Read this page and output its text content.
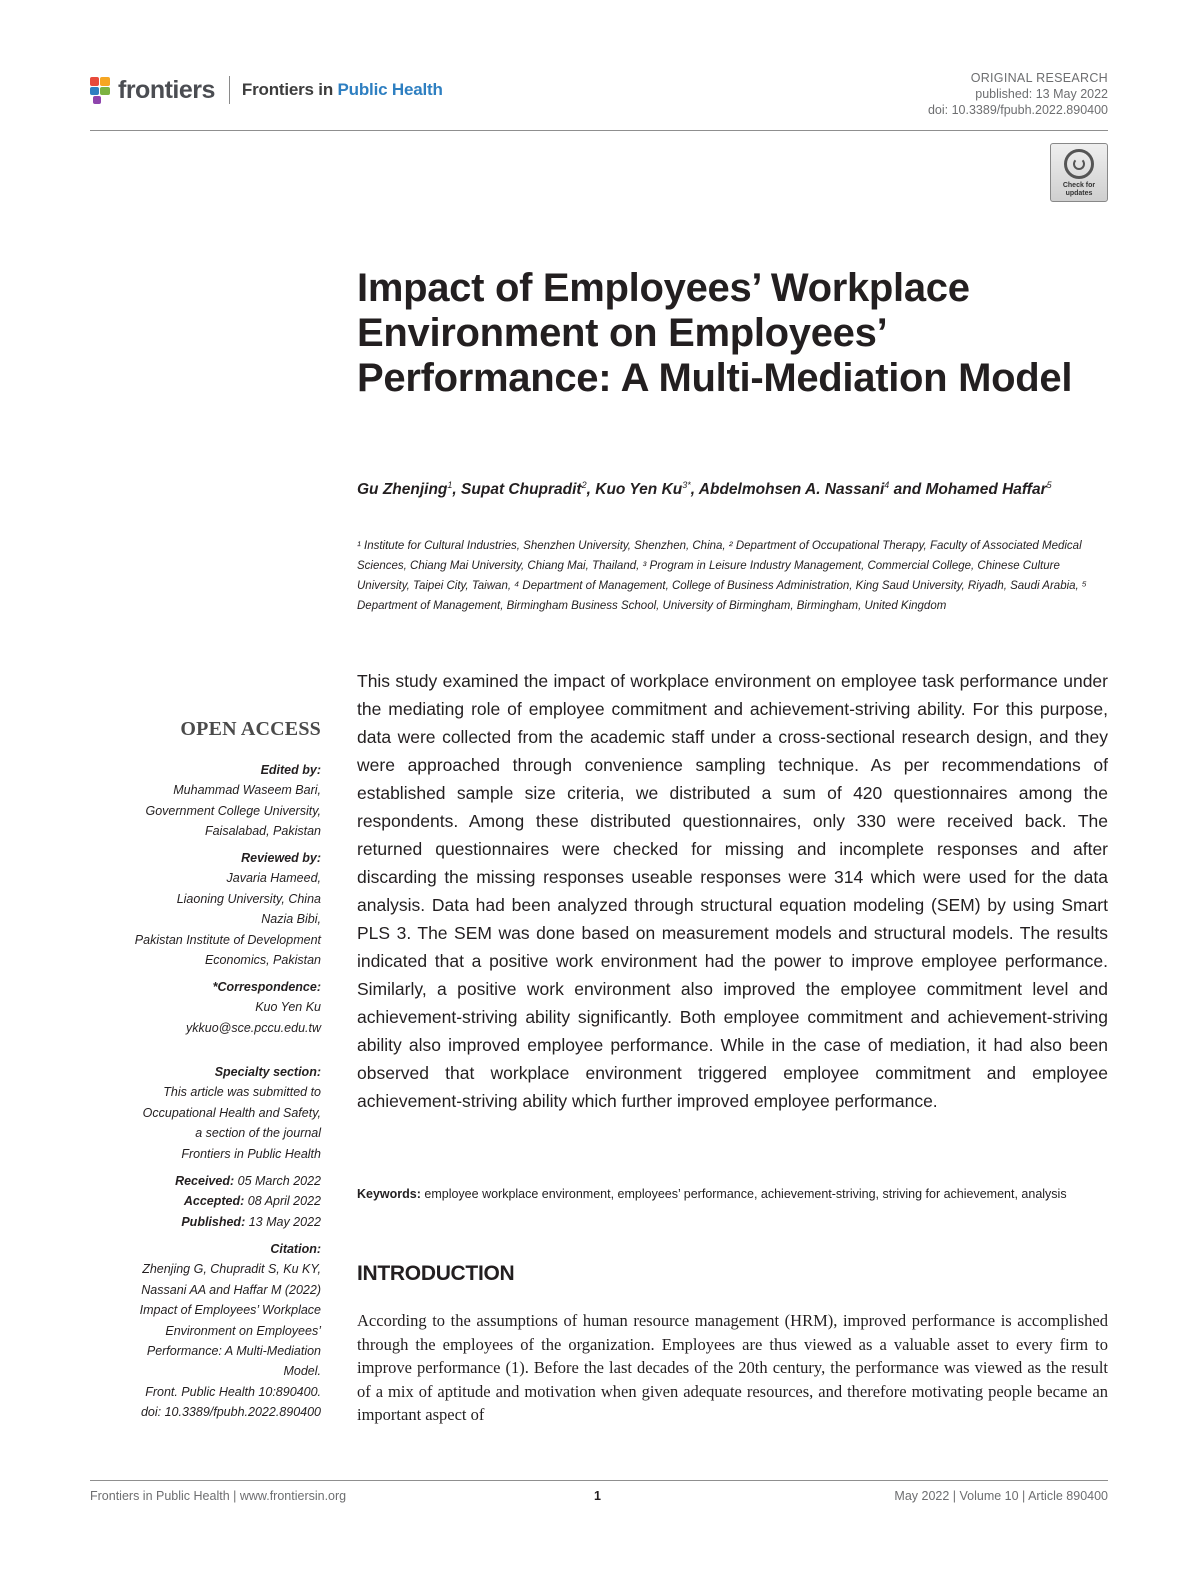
frontiers Frontiers in Public Health
ORIGINAL RESEARCH
published: 13 May 2022
doi: 10.3389/fpubh.2022.890400
Check for updates
Impact of Employees’ Workplace Environment on Employees’ Performance: A Multi-Mediation Model
Gu Zhenjing$^1$, Supat Chupradit$^2$, Kuo Yen $Ku^{3*}$, Abdelmohsen A. Nassani$^4$ and Mohamed Haffar$^5$
¹ Institute for Cultural Industries, Shenzhen University, Shenzhen, China, ² Department of Occupational Therapy, Faculty of Associated Medical Sciences, Chiang Mai University, Chiang Mai, Thailand, ³ Program in Leisure Industry Management, Commercial College, Chinese Culture University, Taipei City, Taiwan, ⁴ Department of Management, College of Business Administration, King Saud University, Riyadh, Saudi Arabia, ⁵ Department of Management, Birmingham Business School, University of Birmingham, Birmingham, United Kingdom
OPEN ACCESS
Edited by:
Muhammad Waseem Bari,
Government College University,
Faisalabad, Pakistan
Reviewed by:
Javaria Hameed,
Liaoning University, China
Nazia Bibi,
Pakistan Institute of Development
Economics, Pakistan
*Correspondence:
Kuo Yen Ku
ykkuo@sce.pccu.edu.tw
Specialty section:
This article was submitted to
Occupational Health and Safety,
a section of the journal
Frontiers in Public Health
Received: 05 March 2022
Accepted: 08 April 2022
Published: 13 May 2022
Citation:
Zhenjing G, Chupradit S, Ku KY,
Nassani AA and Haffar M (2022)
Impact of Employees’ Workplace
Environment on Employees’
Performance: A Multi-Mediation
Model.
Front. Public Health 10:890400.
doi: 10.3389/fpubh.2022.890400

This study examined the impact of workplace environment on employee task performance under the mediating role of employee commitment and achievement-striving ability. For this purpose, data were collected from the academic staff under a cross-sectional research design, and they were approached through convenience sampling technique. As per recommendations of established sample size criteria, we distributed a sum of 420 questionnaires among the respondents. Among these distributed questionnaires, only 330 were received back. The returned questionnaires were checked for missing and incomplete responses and after discarding the missing responses useable responses were 314 which were used for the data analysis. Data had been analyzed through structural equation modeling (SEM) by using Smart PLS 3. The SEM was done based on measurement models and structural models. The results indicated that a positive work environment had the power to improve employee performance. Similarly, a positive work environment also improved the employee commitment level and achievement-striving ability significantly. Both employee commitment and achievement-striving ability also improved employee performance. While in the case of mediation, it had also been observed that workplace environment triggered employee commitment and employee achievement-striving ability which further improved employee performance.

Keywords: employee workplace environment, employees’ performance, achievement-striving, striving for achievement, analysis

INTRODUCTION

According to the assumptions of human resource management (HRM), improved performance is accomplished through the employees of the organization. Employees are thus viewed as a valuable asset to every firm to improve performance (1). Before the last decades of the 20th century, the performance was viewed as the result of a mix of aptitude and motivation when given adequate resources, and therefore motivating people became an important aspect of

Frontiers in Public Health | www.frontiersin.org	1	May 2022 | Volume 10 | Article 890400
